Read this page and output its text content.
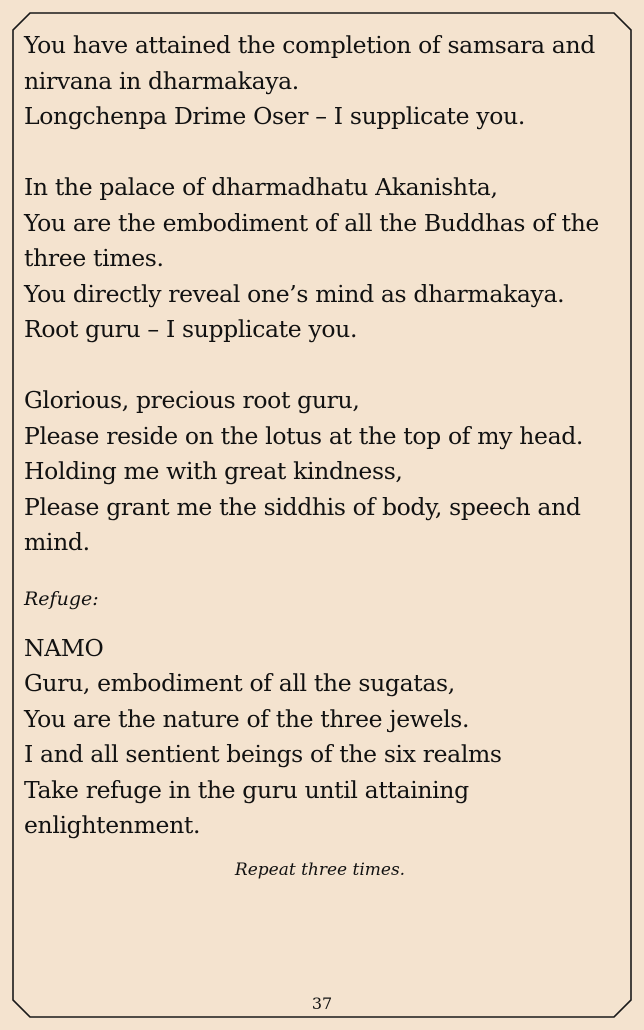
You have attained the completion of samsara and
nirvana in dharmakaya.
Longchenpa Drime Oser – I supplicate you.
In the palace of dharmadhatu Akanishta,
You are the embodiment of all the Buddhas of the
three times.
You directly reveal one’s mind as dharmakaya.
Root guru – I supplicate you.
Glorious, precious root guru,
Please reside on the lotus at the top of my head.
Holding me with great kindness,
Please grant me the siddhis of body, speech and
mind.
Refuge:
NAMO
Guru, embodiment of all the sugatas,
You are the nature of the three jewels.
I and all sentient beings of the six realms
Take refuge in the guru until attaining
enlightenment.
Repeat three times.
37
